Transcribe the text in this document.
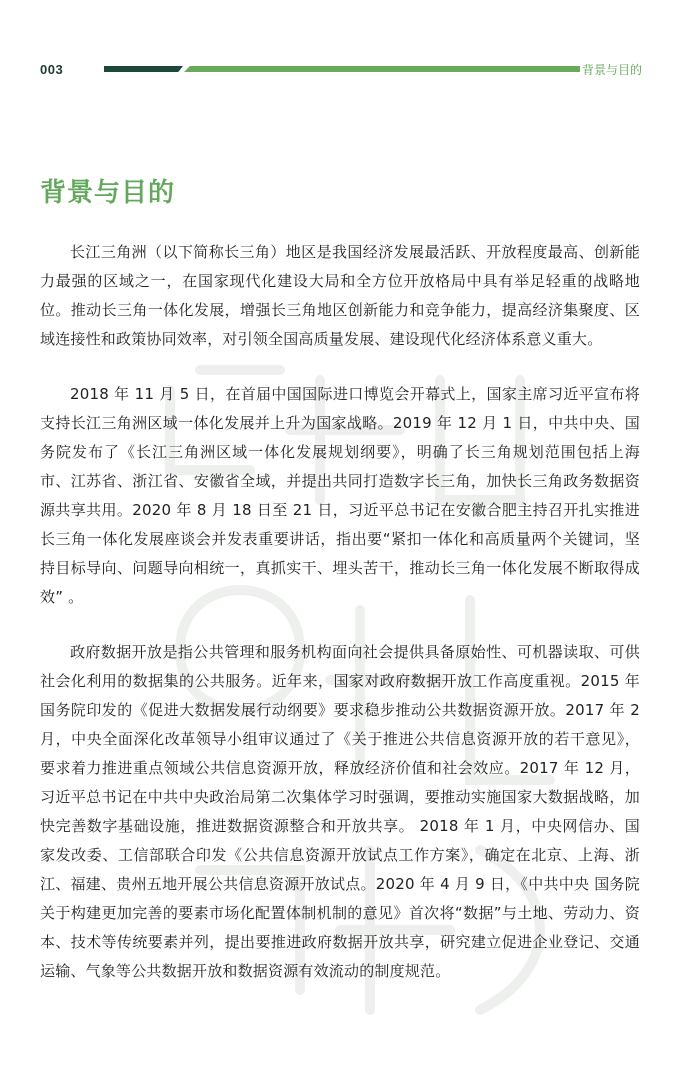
003	背景与目的
背景与目的

长江三角洲（以下简称长三角）地区是我国经济发展最活跃、开放程度最高、创新能力最强的区域之一，在国家现代化建设大局和全方位开放格局中具有举足轻重的战略地位。推动长三角一体化发展，增强长三角地区创新能力和竞争能力，提高经济集聚度、区域连接性和政策协同效率，对引领全国高质量发展、建设现代化经济体系意义重大。

2018 年 11 月 5 日，在首届中国国际进口博览会开幕式上，国家主席习近平宣布将支持长江三角洲区域一体化发展并上升为国家战略。2019 年 12 月 1 日，中共中央、国务院发布了《长江三角洲区域一体化发展规划纲要》，明确了长三角规划范围包括上海市、江苏省、浙江省、安徽省全域，并提出共同打造数字长三角，加快长三角政务数据资源共享共用。2020 年 8 月 18 日至 21 日，习近平总书记在安徽合肥主持召开扎实推进长三角一体化发展座谈会并发表重要讲话，指出要“紧扣一体化和高质量两个关键词，坚持目标导向、问题导向相统一，真抓实干、埋头苦干，推动长三角一体化发展不断取得成效” 。

政府数据开放是指公共管理和服务机构面向社会提供具备原始性、可机器读取、可供社会化利用的数据集的公共服务。近年来，国家对政府数据开放工作高度重视。2015 年国务院印发的《促进大数据发展行动纲要》要求稳步推动公共数据资源开放。2017 年 2 月，中央全面深化改革领导小组审议通过了《关于推进公共信息资源开放的若干意见》，要求着力推进重点领域公共信息资源开放，释放经济价值和社会效应。2017 年 12 月，习近平总书记在中共中央政治局第二次集体学习时强调，要推动实施国家大数据战略，加快完善数字基础设施，推进数据资源整合和开放共享。 2018 年 1 月，中央网信办、国家发改委、工信部联合印发《公共信息资源开放试点工作方案》，确定在北京、上海、浙江、福建、贵州五地开展公共信息资源开放试点。2020 年 4 月 9 日，《中共中央 国务院关于构建更加完善的要素市场化配置体制机制的意见》首次将“数据”与土地、劳动力、资本、技术等传统要素并列，提出要推进政府数据开放共享，研究建立促进企业登记、交通运输、气象等公共数据开放和数据资源有效流动的制度规范。
